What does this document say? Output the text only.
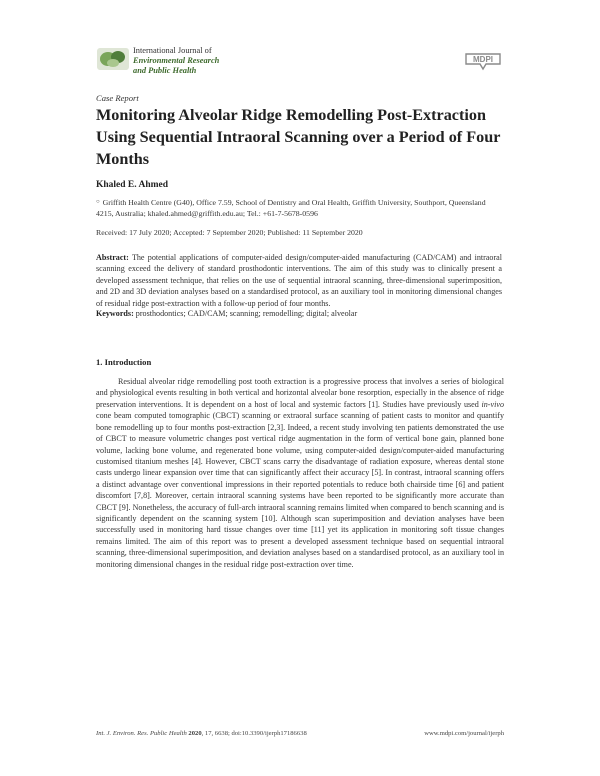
International Journal of
Environmental Research
and Public Health
MDPI
Case Report
Monitoring Alveolar Ridge Remodelling Post-Extraction Using Sequential Intraoral Scanning over a Period of Four Months
Khaled E. Ahmed
○ Griffith Health Centre (G40), Office 7.59, School of Dentistry and Oral Health, Griffith University, Southport, Queensland 4215, Australia; khaled.ahmed@griffith.edu.au; Tel.: +61-7-5678-0596
Received: 17 July 2020; Accepted: 7 September 2020; Published: 11 September 2020

Abstract: The potential applications of computer-aided design/computer-aided manufacturing (CAD/CAM) and intraoral scanning exceed the delivery of standard prosthodontic interventions. The aim of this study was to clinically present a developed assessment technique, that relies on the use of sequential intraoral scanning, three-dimensional superimposition, and 2D and 3D deviation analyses based on a standardised protocol, as an auxiliary tool in monitoring dimensional changes of residual ridge post-extraction with a follow-up period of four months.

Keywords: prosthodontics; CAD/CAM; scanning; remodelling; digital; alveolar
1. Introduction

Residual alveolar ridge remodelling post tooth extraction is a progressive process that involves a series of biological and physiological events resulting in both vertical and horizontal alveolar bone resorption, especially in the absence of ridge preservation interventions. It is dependent on a host of local and systemic factors [1]. Studies have previously used in-vivo cone beam computed tomographic (CBCT) scanning or extraoral surface scanning of patient casts to monitor and quantify bone remodelling up to four months post-extraction [2,3]. Indeed, a recent study involving ten patients demonstrated the use of CBCT to measure volumetric changes post vertical ridge augmentation in the form of vertical bone gain, planned bone volume, lacking bone volume, and regenerated bone volume, using computer-aided design/computer-aided manufacturing customised titanium meshes [4]. However, CBCT scans carry the disadvantage of radiation exposure, whereas dental stone casts undergo linear expansion over time that can significantly affect their accuracy [5]. In contrast, intraoral scanning offers a distinct advantage over conventional impressions in their reported potentials to reduce both chairside time [6] and patient discomfort [7,8]. Moreover, certain intraoral scanning systems have been reported to be significantly more accurate than CBCT [9]. Nonetheless, the accuracy of full-arch intraoral scanning remains limited when compared to bench scanning and is significantly dependent on the scanning system [10]. Although scan superimposition and deviation analyses have been successfully used in monitoring hard tissue changes over time [11] yet its application in monitoring soft tissue changes remains limited. The aim of this report was to present a developed assessment technique based on sequential intraoral scanning, three-dimensional superimposition, and deviation analyses based on a standardised protocol, as an auxiliary tool in monitoring dimensional changes in the residual ridge post-extraction over time.

Int. J. Environ. Res. Public Health 2020, 17, 6638; doi:10.3390/ijerph17186638	www.mdpi.com/journal/ijerph
